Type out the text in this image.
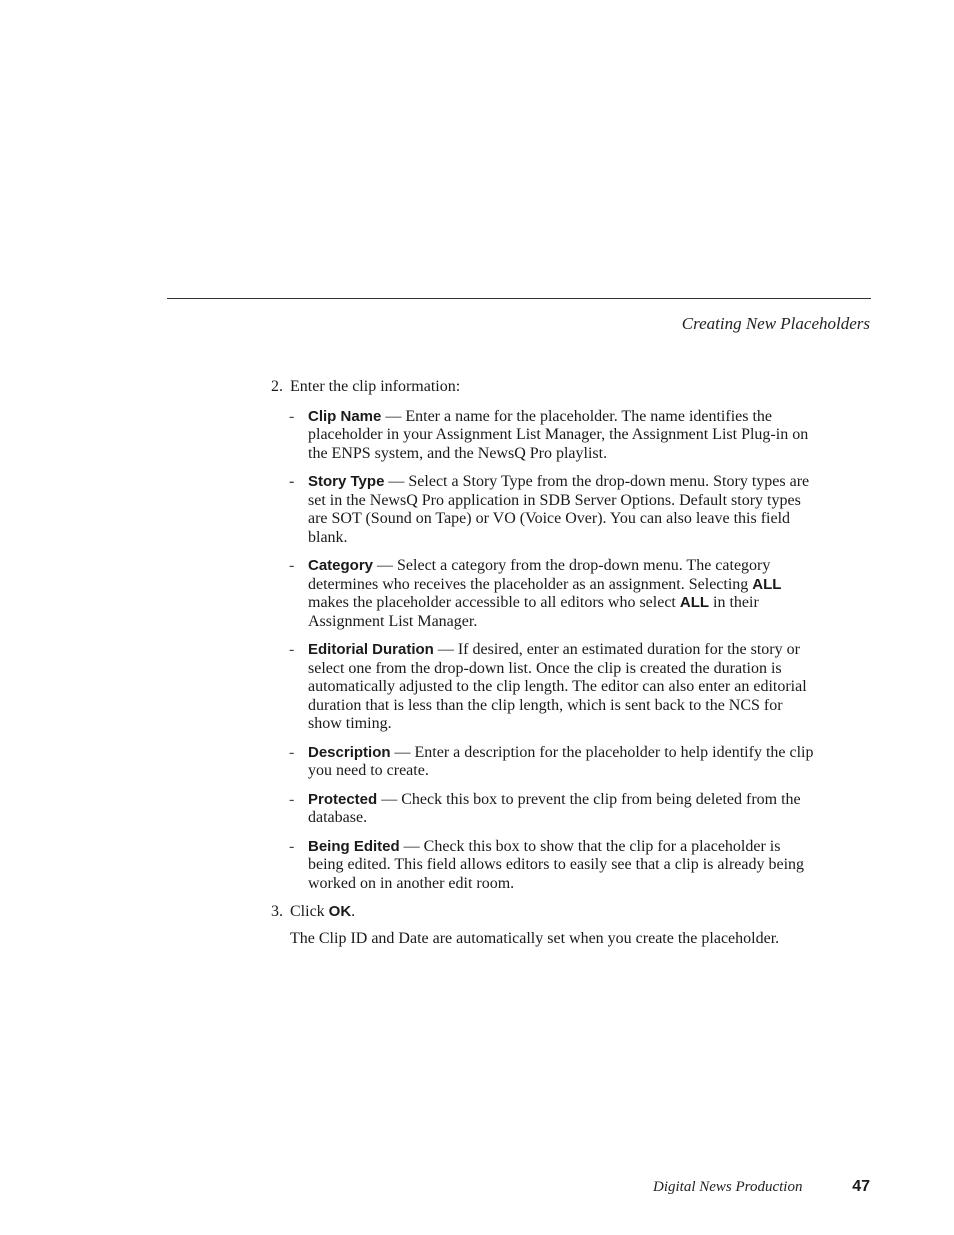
Creating New Placeholders
2. Enter the clip information:
- Clip Name — Enter a name for the placeholder. The name identifies the placeholder in your Assignment List Manager, the Assignment List Plug-in on the ENPS system, and the NewsQ Pro playlist.
- Story Type — Select a Story Type from the drop-down menu. Story types are set in the NewsQ Pro application in SDB Server Options. Default story types are SOT (Sound on Tape) or VO (Voice Over). You can also leave this field blank.
- Category — Select a category from the drop-down menu. The category determines who receives the placeholder as an assignment. Selecting ALL makes the placeholder accessible to all editors who select ALL in their Assignment List Manager.
- Editorial Duration — If desired, enter an estimated duration for the story or select one from the drop-down list. Once the clip is created the duration is automatically adjusted to the clip length. The editor can also enter an editorial duration that is less than the clip length, which is sent back to the NCS for show timing.
- Description — Enter a description for the placeholder to help identify the clip you need to create.
- Protected — Check this box to prevent the clip from being deleted from the database.
- Being Edited — Check this box to show that the clip for a placeholder is being edited. This field allows editors to easily see that a clip is already being worked on in another edit room.
3. Click OK.
The Clip ID and Date are automatically set when you create the placeholder.
Digital News Production	47
